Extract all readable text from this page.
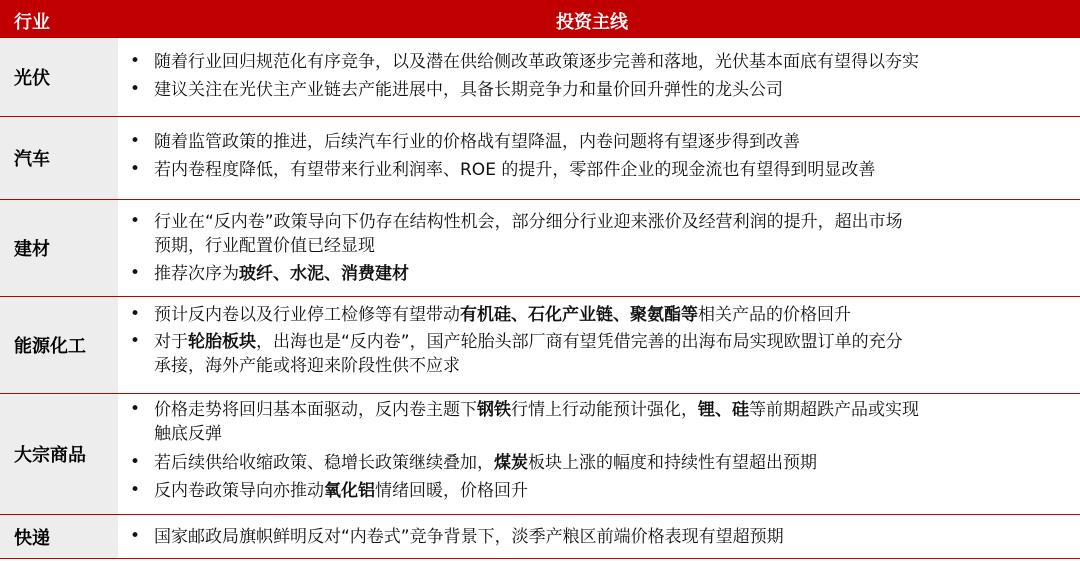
行业	投资主线
光伏
• 随着行业回归规范化有序竞争，以及潜在供给侧改革政策逐步完善和落地，光伏基本面底有望得以夯实
• 建议关注在光伏主产业链去产能进展中，具备长期竞争力和量价回升弹性的龙头公司
汽车
• 随着监管政策的推进，后续汽车行业的价格战有望降温，内卷问题将有望逐步得到改善
• 若内卷程度降低，有望带来行业利润率、ROE 的提升，零部件企业的现金流也有望得到明显改善
建材
• 行业在“反内卷”政策导向下仍存在结构性机会，部分细分行业迎来涨价及经营利润的提升，超出市场
预期，行业配置价值已经显现
• 推荐次序为玻纤、水泥、消费建材
能源化工
• 预计反内卷以及行业停工检修等有望带动有机硅、石化产业链、聚氨酯等相关产品的价格回升
• 对于轮胎板块，出海也是“反内卷”，国产轮胎头部厂商有望凭借完善的出海布局实现欧盟订单的充分
承接，海外产能或将迎来阶段性供不应求
大宗商品
• 价格走势将回归基本面驱动，反内卷主题下钢铁行情上行动能预计强化，锂、硅等前期超跌产品或实现
触底反弹
• 若后续供给收缩政策、稳增长政策继续叠加，煤炭板块上涨的幅度和持续性有望超出预期
• 反内卷政策导向亦推动氧化铝情绪回暖，价格回升
快递	• 国家邮政局旗帜鲜明反对“内卷式”竞争背景下，淡季产粮区前端价格表现有望超预期
